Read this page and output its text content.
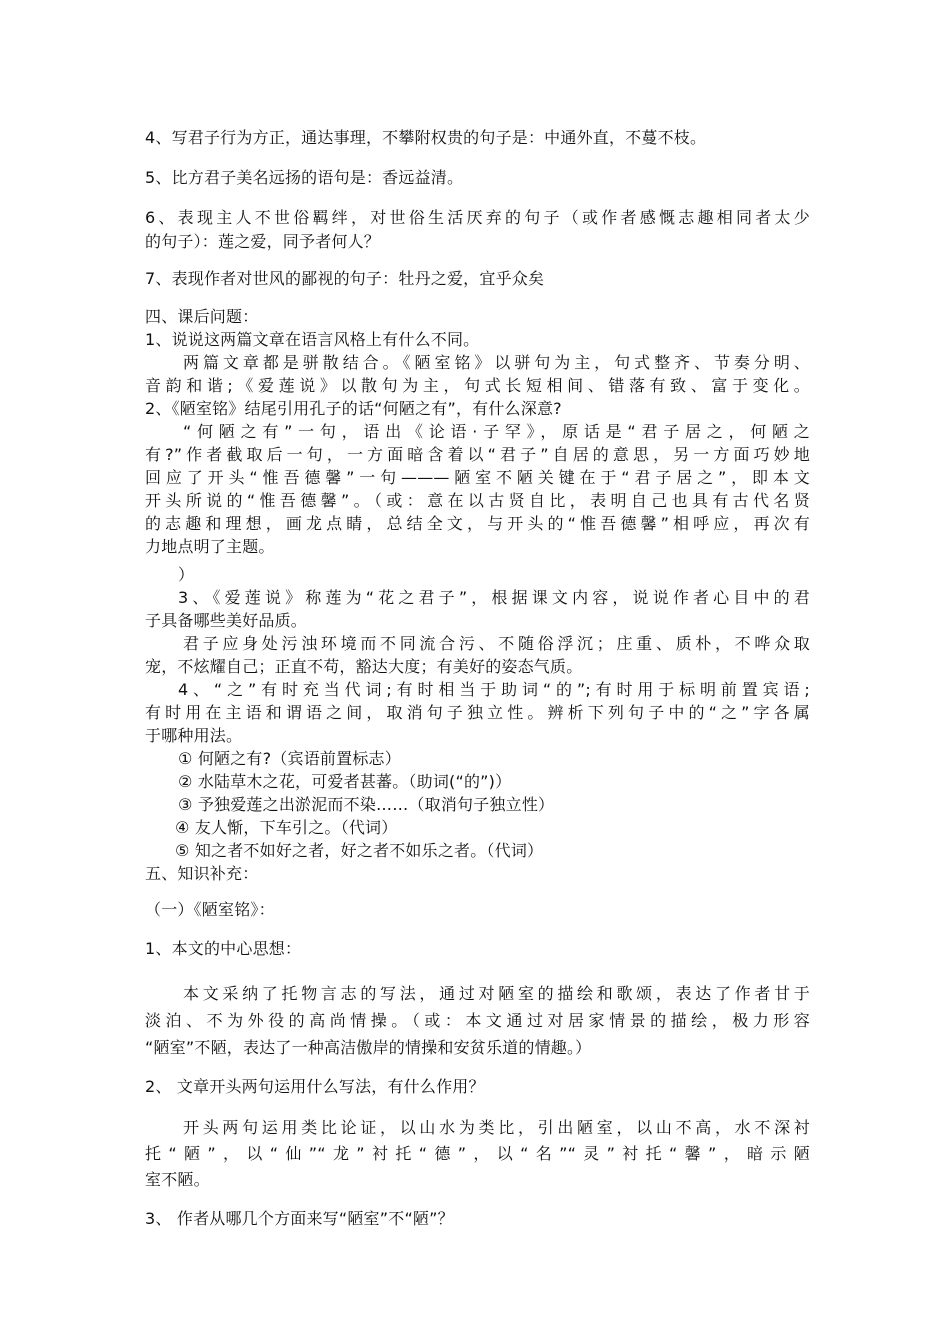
4、写君子行为方正，通达事理，不攀附权贵的句子是：中通外直，不蔓不枝。
5、比方君子美名远扬的语句是：香远益清。
6、表现主人不世俗羁绊，对世俗生活厌弃的句子（或作者感慨志趣相同者太少
的句子）：莲之爱，同予者何人？
7、表现作者对世风的鄙视的句子：牡丹之爱，宜乎众矣
四、课后问题：
1、说说这两篇文章在语言风格上有什么不同。
两篇文章都是骈散结合。《陋室铭》以骈句为主，句式整齐、节奏分明、
音韵和谐;《爱莲说》以散句为主，句式长短相间、错落有致、富于变化。
2、《陋室铭》结尾引用孔子的话“何陋之有”，有什么深意?
“何陋之有”一句，语出《论语·子罕》，原话是“君子居之，何陋之
有?”作者截取后一句，一方面暗含着以“君子”自居的意思，另一方面巧妙地
回应了开头“惟吾德馨”一句———陋室不陋关键在于“君子居之”，即本文
开头所说的“惟吾德馨”。（或：意在以古贤自比，表明自己也具有古代名贤
的志趣和理想，画龙点睛，总结全文，与开头的“惟吾德馨”相呼应，再次有
力地点明了主题。
）
3、《爱莲说》称莲为“花之君子”，根据课文内容，说说作者心目中的君
子具备哪些美好品质。
君子应身处污浊环境而不同流合污、不随俗浮沉；庄重、质朴，不哗众取
宠，不炫耀自己；正直不苟，豁达大度；有美好的姿态气质。
4、“之”有时充当代词;有时相当于助词“的”;有时用于标明前置宾语;
有时用在主语和谓语之间，取消句子独立性。辨析下列句子中的“之”字各属
于哪种用法。
① 何陋之有?（宾语前置标志）
② 水陆草木之花，可爱者甚蕃。（助词(“的”)）
③ 予独爱莲之出淤泥而不染……（取消句子独立性）
④ 友人惭，下车引之。（代词）
⑤ 知之者不如好之者，好之者不如乐之者。（代词）
五、知识补充：
（一）《陋室铭》：
1、本文的中心思想：
本文采纳了托物言志的写法，通过对陋室的描绘和歌颂，表达了作者甘于
淡泊、不为外役的高尚情操。（或：本文通过对居家情景的描绘，极力形容
“陋室”不陋，表达了一种高洁傲岸的情操和安贫乐道的情趣。）
2、 文章开头两句运用什么写法，有什么作用？
开头两句运用类比论证，以山水为类比，引出陋室，以山不高，水不深衬
托“陋”，以“仙”“龙”衬托“德”，以“名”“灵”衬托“馨”，暗示陋
室不陋。
3、 作者从哪几个方面来写“陋室”不“陋”？
